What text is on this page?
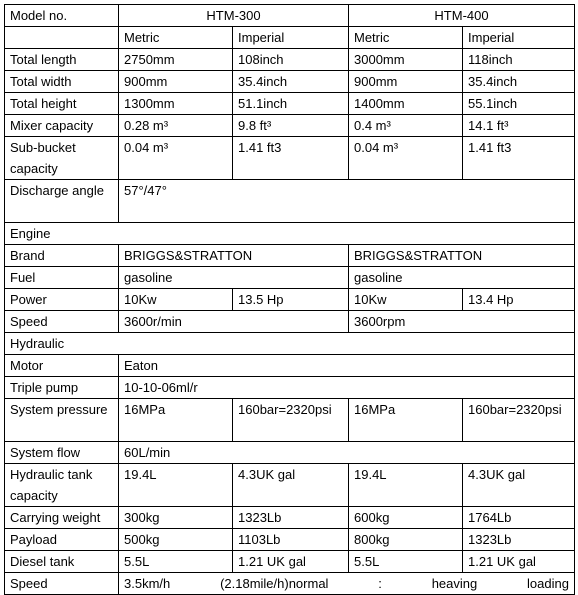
Model no.	HTM-300		HTM-400	
	Metric	Imperial	Metric	Imperial
Total length	2750mm	108inch	3000mm	118inch
Total width	900mm	35.4inch	900mm	35.4inch
Total height	1300mm	51.1inch	1400mm	55.1inch
Mixer capacity	0.28 m³	9.8 ft³	0.4 m³	14.1 ft³
Sub-bucket capacity	0.04 m³	1.41 ft3	0.04 m³	1.41 ft3
Discharge angle	57°/47°			
Engine				
Brand	BRIGGS&STRATTON		BRIGGS&STRATTON	
Fuel	gasoline		gasoline	
Power	10Kw	13.5 Hp	10Kw	13.4 Hp
Speed	3600r/min		3600rpm	
Hydraulic				
Motor	Eaton			
Triple pump	10-10-06ml/r			
System pressure	16MPa	160bar=2320psi	16MPa	160bar=2320psi
System flow	60L/min			
Hydraulic tank capacity	19.4L	4.3UK gal	19.4L	4.3UK gal
Carrying weight	300kg	1323Lb	600kg	1764Lb
Payload	500kg	1103Lb	800kg	1323Lb
Diesel tank	5.5L	1.21 UK gal	5.5L	1.21 UK gal
Speed	3.5km/h (2.18mile/h)normal : heaving loading			
